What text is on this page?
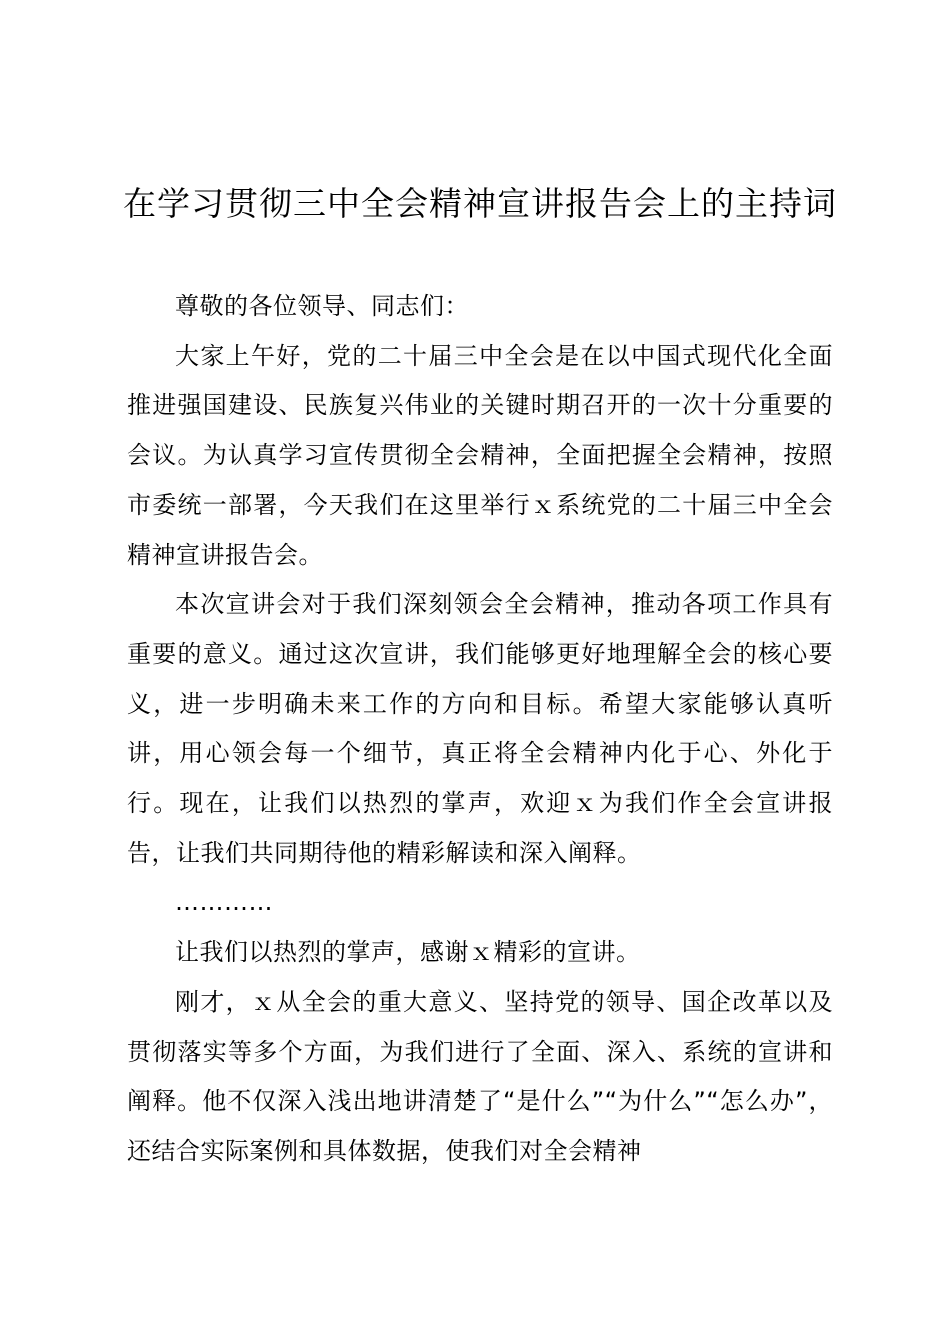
在学习贯彻三中全会精神宣讲报告会上的主持词

尊敬的各位领导、同志们：

大家上午好，党的二十届三中全会是在以中国式现代化全面推进强国建设、民族复兴伟业的关键时期召开的一次十分重要的会议。为认真学习宣传贯彻全会精神，全面把握全会精神，按照市委统一部署，今天我们在这里举行ｘ系统党的二十届三中全会精神宣讲报告会。

本次宣讲会对于我们深刻领会全会精神，推动各项工作具有重要的意义。通过这次宣讲，我们能够更好地理解全会的核心要义，进一步明确未来工作的方向和目标。希望大家能够认真听讲，用心领会每一个细节，真正将全会精神内化于心、外化于行。现在，让我们以热烈的掌声，欢迎ｘ为我们作全会宣讲报告，让我们共同期待他的精彩解读和深入阐释。

…………

让我们以热烈的掌声，感谢ｘ精彩的宣讲。

刚才，ｘ从全会的重大意义、坚持党的领导、国企改革以及贯彻落实等多个方面，为我们进行了全面、深入、系统的宣讲和阐释。他不仅深入浅出地讲清楚了“是什么”“为什么”“怎么办”，还结合实际案例和具体数据，使我们对全会精神
